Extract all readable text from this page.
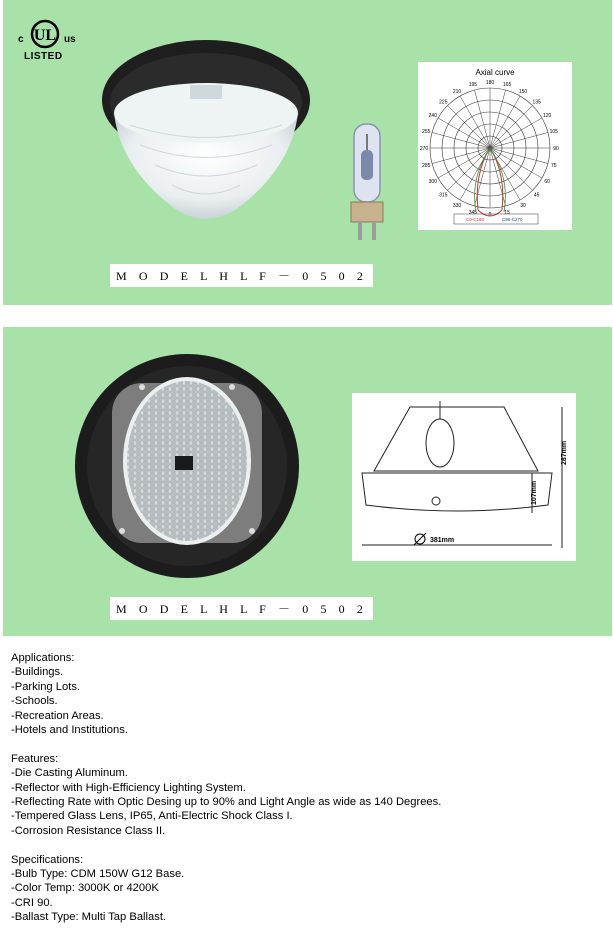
UL
c	us
LISTED
Axial curve
180 165
150
135
120
105
90
75
60
45
30
15
0
345
330
315
300
285
270
255
240
225
210
195
C0-C180	C90-C270
M O D E L H L F － 0 5 0 2
287mm
107mm
381mm
M O D E L H L F － 0 5 0 2
Applications:
-Buildings.
-Parking Lots.
-Schools.
-Recreation Areas.
-Hotels and Institutions.
Features:
-Die Casting Aluminum.
-Reflector with High-Efficiency Lighting System.
-Reflecting Rate with Optic Desing up to 90% and Light Angle as wide as 140 Degrees.
-Tempered Glass Lens, IP65, Anti-Electric Shock Class I.
-Corrosion Resistance Class II.
Specifications:
-Bulb Type: CDM 150W G12 Base.
-Color Temp: 3000K or 4200K
-CRI 90.
-Ballast Type: Multi Tap Ballast.
